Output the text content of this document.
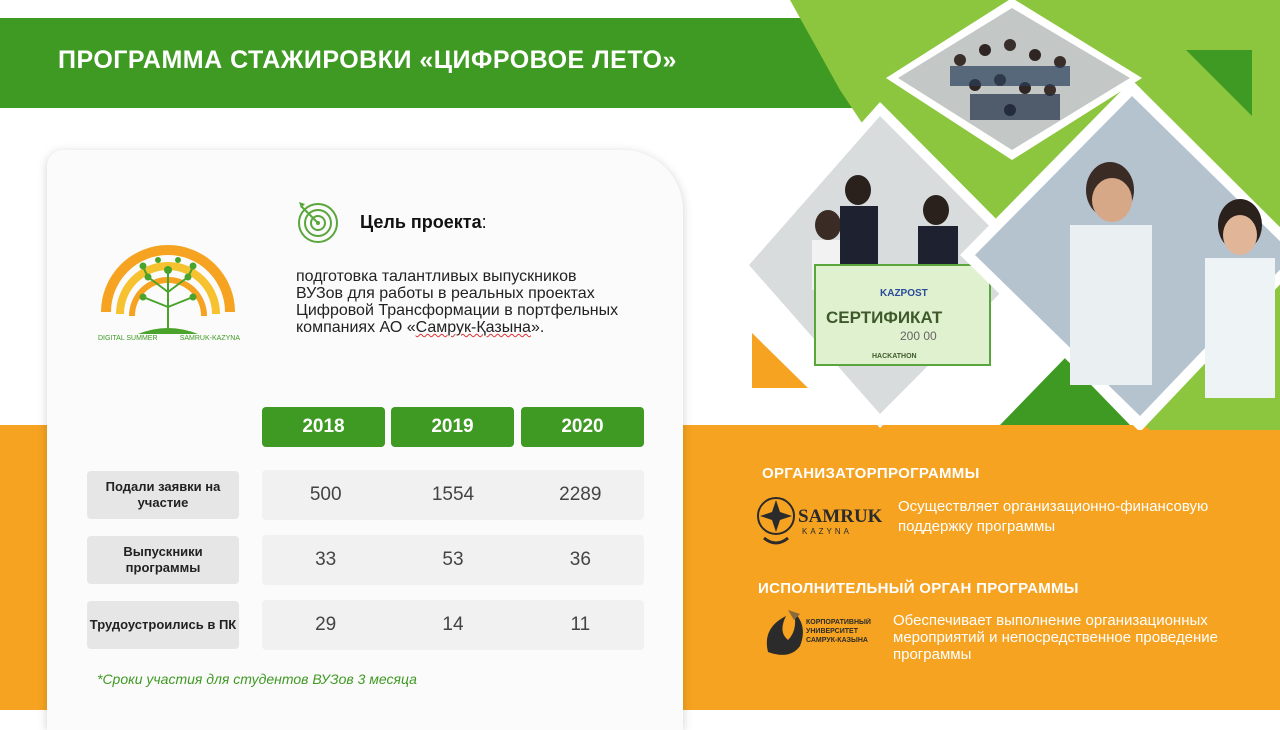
ПРОГРАММА СТАЖИРОВКИ «ЦИФРОВОЕ ЛЕТО»
KAZPOST
СЕРТИФИКАТ
200 00
HACKATHON
DIGITAL SUMMER	SAMRUK-KAZYNA
Цель проекта:
подготовка талантливых выпускников ВУЗов для работы в реальных проектах Цифровой Трансформации в портфельных компаниях АО «Самрук-Қазына».
2018	2019	2020
Подали заявки на участие	500	1554	2289
Выпускники программы	33	53	36
Трудоустроились в ПК	29	14	11
*Сроки участия для студентов ВУЗов 3 месяца
ОРГАНИЗАТОРПРОГРАММЫ
SAMRUK
KAZYNA
Осуществляет организационно-финансовую поддержку программы
ИСПОЛНИТЕЛЬНЫЙ ОРГАН ПРОГРАММЫ
КОРПОРАТИВНЫЙ УНИВЕРСИТЕТ САМРУК-КАЗЫНА
Обеспечивает выполнение организационных мероприятий и непосредственное проведение программы
